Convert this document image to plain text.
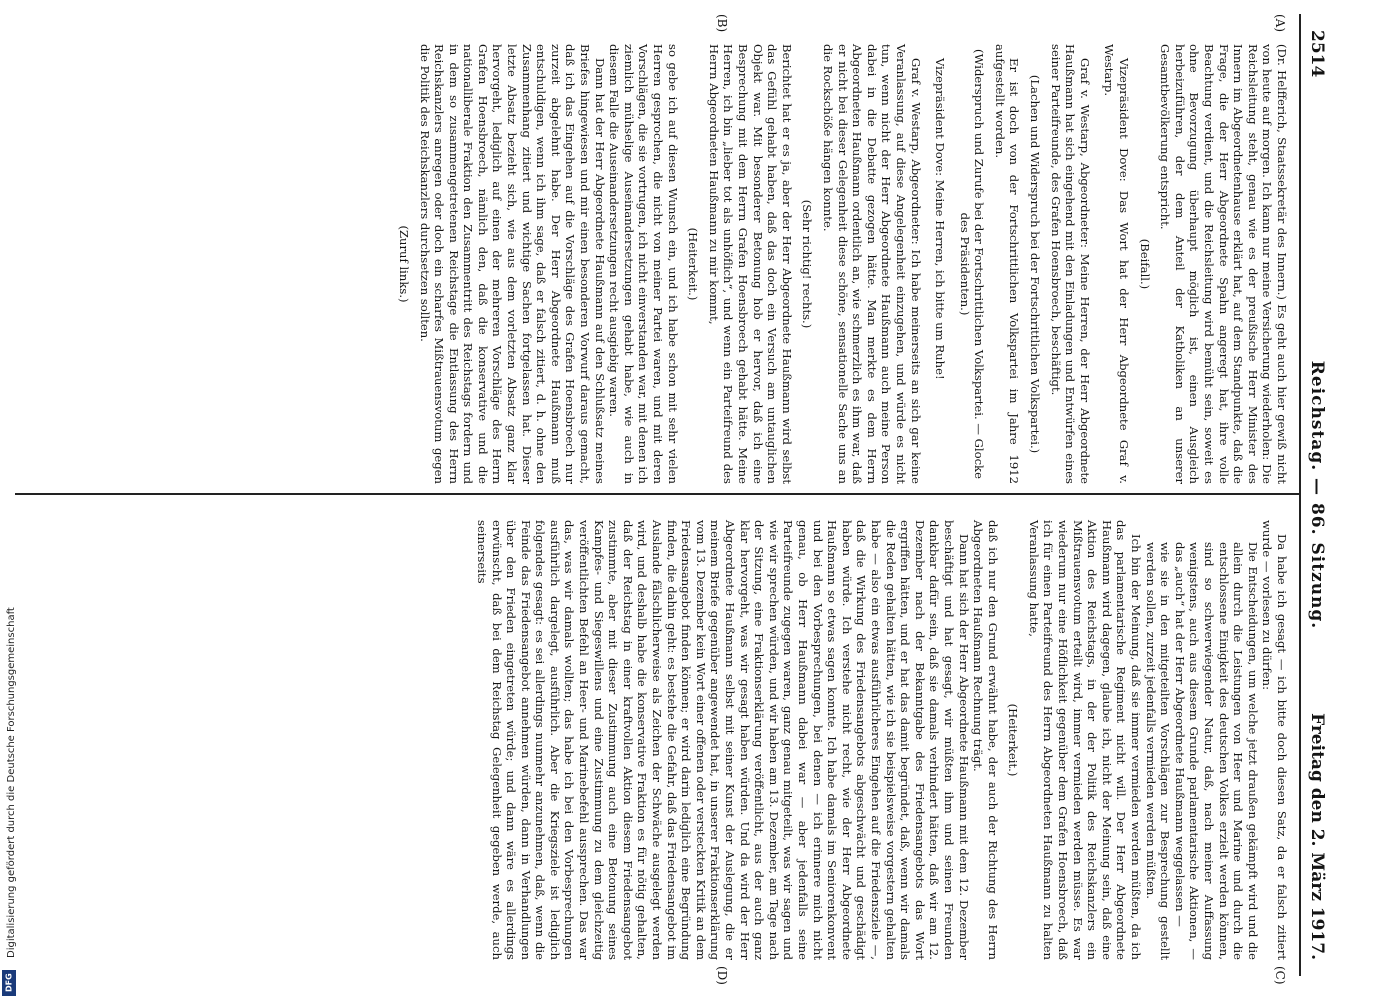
2514
Reichstag. — 86. Sitzung.
Freitag den 2. März 1917.
(A)
(B)
(C)
(D)

(Dr. Helfferich, Staatssekretär des Innern.) Es geht auch hier gewiß nicht von heute auf morgen. Ich kann nur meine Versicherung wiederholen: Die Reichsleitung steht, genau wie es der preußische Herr Minister des Innern im Abgeordnetenhause erklärt hat, auf dem Standpunkte, daß die Frage, die der Herr Abgeordnete Spahn angeregt hat, ihre volle Beachtung verdient, und die Reichsleitung wird bemüht sein, soweit es ohne Bevorzugung überhaupt möglich ist, einen Ausgleich herbeizuführen, der dem Anteil der Katholiken an unserer Gesamtbevölkerung entspricht.

(Beifall.)

Vizepräsident Dove: Das Wort hat der Herr Abgeordnete Graf v. Westarp.

Graf v. Westarp, Abgeordneter: Meine Herren, der Herr Abgeordnete Haußmann hat sich eingehend mit den Einladungen und Entwürfen eines seiner Parteifreunde, des Grafen Hoensbroech, beschäftigt.

(Lachen und Widerspruch bei der Fortschrittlichen Volkspartei.)

Er ist doch von der Fortschrittlichen Volkspartei im Jahre 1912 aufgestellt worden.

(Widerspruch und Zurufe bei der Fortschrittlichen Volkspartei. — Glocke des Präsidenten.)

Vizepräsident Dove: Meine Herren, ich bitte um Ruhe!

Graf v. Westarp, Abgeordneter: Ich habe meinerseits an sich gar keine Veranlassung, auf diese Angelegenheit einzugehen, und würde es nicht tun, wenn nicht der Herr Abgeordnete Haußmann auch meine Person dabei in die Debatte gezogen hätte. Man merkte es dem Herrn Abgeordneten Haußmann ordentlich an, wie schmerzlich es ihm war, daß er nicht bei dieser Gelegenheit diese schöne, sensationelle Sache uns an die Rockschöße hängen konnte.

(Sehr richtig! rechts.)

Berichtet hat er es ja, aber der Herr Abgeordnete Haußmann wird selbst das Gefühl gehabt haben, daß das doch ein Versuch am untauglichen Objekt war. Mit besonderer Betonung hob er hervor, daß ich eine Besprechung mit dem Herrn Grafen Hoensbroech gehabt hätte. Meine Herren, ich bin „lieber tot als unhöflich“, und wenn ein Parteifreund des Herrn Abgeordneten Haußmann zu mir kommt,

(Heiterkeit.)

so gebe ich auf diesen Wunsch ein, und ich habe schon mit sehr vielen Herren gesprochen, die nicht von meiner Partei waren, und mit deren Vorschlägen, die sie vortrugen, ich nicht einverstanden war, mit denen ich ziemlich mühselige Auseinandersetzungen gehabt habe, wie auch in diesem Falle die Auseinandersetzungen recht ausgiebig waren.

Dann hat der Herr Abgeordnete Haußmann auf den Schlußsatz meines Briefes hingewiesen und mir einen besonderen Vorwurf daraus gemacht, daß ich das Eingehen auf die Vorschläge des Grafen Hoensbroech nur zurzeit abgelehnt habe. Der Herr Abgeordnete Haußmann muß entschuldigen, wenn ich ihm sage, daß er falsch zitiert, d. h. ohne den Zusammenhang zitiert und wichtige Sachen fortgelassen hat. Dieser letzte Absatz bezieht sich, wie aus dem vorletzten Absatz ganz klar hervorgeht, lediglich auf einen der mehreren Vorschläge des Herrn Grafen Hoensbroech, nämlich den, daß die konservative und die nationalliberale Fraktion den Zusammentritt des Reichstags fordern und in dem so zusammengetretenen Reichstage die Entlassung des Herrn Reichskanzlers anregen oder doch ein scharfes Mißtrauensvotum gegen die Politik des Reichskanzlers durchsetzen sollten.

(Zuruf links.)

Da habe ich gesagt — ich bitte doch diesen Satz, da er falsch zitiert wurde — vorlesen zu dürfen:

Die Entscheidungen, um welche jetzt draußen gekämpft wird und die allein durch die Leistungen von Heer und Marine und durch die entschlossene Einigkeit des deutschen Volkes erzielt werden können, sind so schwerwiegender Natur, daß, nach meiner Auffassung wenigstens, auch aus diesem Grunde parlamentarische Aktionen, — das „auch“ hat der Herr Abgeordnete Haußmann weggelassen —

wie sie in den mitgeteilten Vorschlägen zur Besprechung gestellt werden sollen, zurzeit jedenfalls vermieden werden müßten.

Ich bin der Meinung, daß sie immer vermieden werden müßten, da ich das parlamentarische Regiment nicht will. Der Herr Abgeordnete Haußmann wird dagegen, glaube ich, nicht der Meinung sein, daß eine Aktion des Reichstags, in der der Politik des Reichskanzlers ein Mißtrauensvotum erteilt wird, immer vermieden werden müsse. Es war wiederum nur eine Höflichkeit gegenüber dem Grafen Hoensbroech, daß ich für einen Parteifreund des Herrn Abgeordneten Haußmann zu halten Veranlassung hatte,

(Heiterkeit.)

daß ich nur den Grund erwähnt habe, der auch der Richtung des Herrn Abgeordneten Haußmann Rechnung trägt.

Dann hat sich der Herr Abgeordnete Haußmann mit dem 12. Dezember beschäftigt und hat gesagt, wir müßten ihm und seinen Freunden dankbar dafür sein, daß sie damals verhindert hätten, daß wir am 12. Dezember nach der Bekanntgabe des Friedensangebots das Wort ergriffen hätten, und er hat das damit begründet, daß, wenn wir damals die Reden gehalten hätten, wie ich sie beispielsweise vorgestern gehalten habe — also ein etwas ausführlicheres Eingehen auf die Friedensziele —, daß die Wirkung des Friedensangebots abgeschwächt und geschädigt haben würde. Ich verstehe nicht recht, wie der Herr Abgeordnete Haußmann so etwas sagen konnte. Ich habe damals im Seniorenkonvent und bei den Vorbesprechungen, bei denen — ich erinnere mich nicht genau, ob Herr Haußmann dabei war — aber jedenfalls seine Parteifreunde zugegen waren, ganz genau mitgeteilt, was wir sagen und wie wir sprechen würden, und wir haben am 13. Dezember, am Tage nach der Sitzung, eine Fraktionserklärung veröffentlicht, aus der auch ganz klar hervorgeht, was wir gesagt haben würden. Und da wird der Herr Abgeordnete Haußmann selbst mit seiner Kunst der Auslegung, die er meinem Briefe gegenüber angewendet hat, in unserer Fraktionserklärung vom 13. Dezember kein Wort einer offenen oder versteckten Kritik an dem Friedensangebot finden können; er wird darin lediglich eine Begründung finden, die dahin geht: es bestehe die Gefahr, daß das Friedensangebot im Auslande fälschlicherweise als Zeichen der Schwäche ausgelegt werden wird, und deshalb habe die konservative Fraktion es für nötig gehalten, daß der Reichstag in einer kraftvollen Aktion diesem Friedensangebot zustimmte, aber mit dieser Zustimmung auch eine Betonung seines Kampfes- und Siegeswillens und eine Zustimmung zu dem gleichzeitig veröffentlichten Befehl an Heer- und Marinebefehl aussprechen. Das war das, was wir damals wollten; das habe ich bei den Vorbesprechungen ausführlich dargelegt, ausführlich. Aber die Kriegsziele ist lediglich folgendes gesagt: es sei allerdings nunmehr anzunehmen, daß, wenn die Feinde das Friedensangebot annehmen würden, dann in Verhandlungen über den Frieden eingetreten würde; und dann wäre es allerdings erwünscht, daß bei dem Reichstag Gelegenheit gegeben werde, auch seinerseits

Digitalisierung gefördert durch die Deutsche Forschungsgemeinschaft
DFG
